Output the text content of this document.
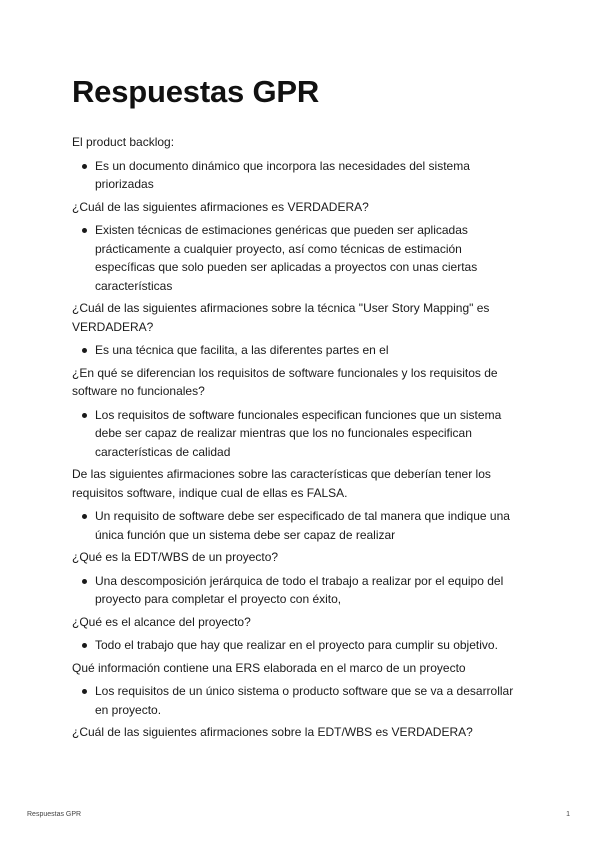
Respuestas GPR

El product backlog:

Es un documento dinámico que incorpora las necesidades del sistema priorizadas

¿Cuál de las siguientes afirmaciones es VERDADERA?

Existen técnicas de estimaciones genéricas que pueden ser aplicadas prácticamente a cualquier proyecto, así como técnicas de estimación específicas que solo pueden ser aplicadas a proyectos con unas ciertas características

¿Cuál de las siguientes afirmaciones sobre la técnica "User Story Mapping" es VERDADERA?

Es una técnica que facilita, a las diferentes partes en el

¿En qué se diferencian los requisitos de software funcionales y los requisitos de software no funcionales?

Los requisitos de software funcionales especifican funciones que un sistema debe ser capaz de realizar mientras que los no funcionales especifican características de calidad

De las siguientes afirmaciones sobre las características que deberían tener los requisitos software, indique cual de ellas es FALSA.

Un requisito de software debe ser especificado de tal manera que indique una única función que un sistema debe ser capaz de realizar

¿Qué es la EDT/WBS de un proyecto?

Una descomposición jerárquica de todo el trabajo a realizar por el equipo del proyecto para completar el proyecto con éxito,

¿Qué es el alcance del proyecto?

Todo el trabajo que hay que realizar en el proyecto para cumplir su objetivo.

Qué información contiene una ERS elaborada en el marco de un proyecto

Los requisitos de un único sistema o producto software que se va a desarrollar en proyecto.

¿Cuál de las siguientes afirmaciones sobre la EDT/WBS es VERDADERA?

Respuestas GPR	1
